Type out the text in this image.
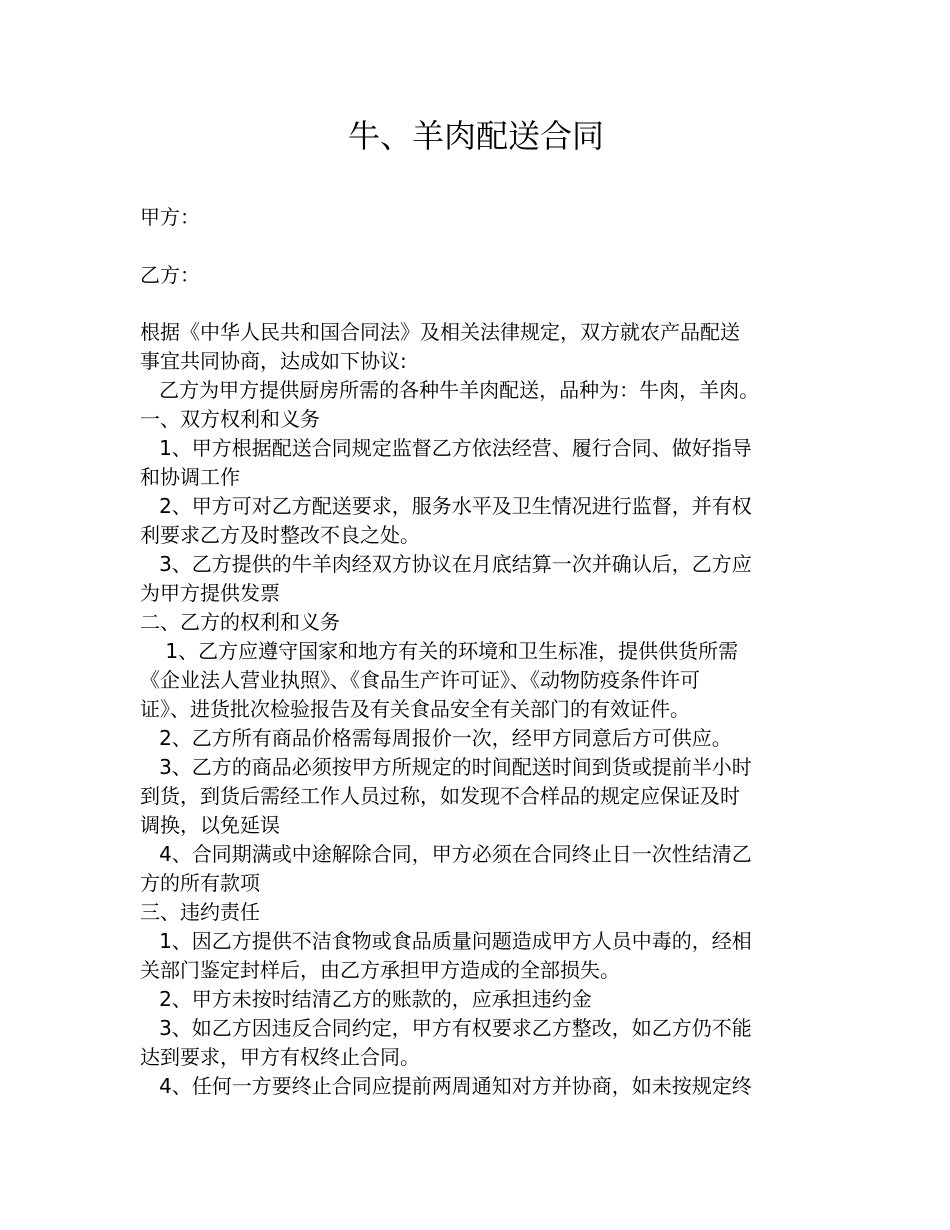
牛、羊肉配送合同
甲方：
乙方：
根据《中华人民共和国合同法》及相关法律规定，双方就农产品配送
事宜共同协商，达成如下协议:
乙方为甲方提供厨房所需的各种牛羊肉配送，品种为：牛肉，羊肉。
一、双方权利和义务
1、甲方根据配送合同规定监督乙方依法经营、履行合同、做好指导
和协调工作
2、甲方可对乙方配送要求，服务水平及卫生情况进行监督，并有权
利要求乙方及时整改不良之处。
3、乙方提供的牛羊肉经双方协议在月底结算一次并确认后，乙方应
为甲方提供发票
二、乙方的权利和义务
1、乙方应遵守国家和地方有关的环境和卫生标准，提供供货所需
《企业法人营业执照》、《食品生产许可证》、《动物防疫条件许可
证》、进货批次检验报告及有关食品安全有关部门的有效证件。
2、乙方所有商品价格需每周报价一次，经甲方同意后方可供应。
3、乙方的商品必须按甲方所规定的时间配送时间到货或提前半小时
到货，到货后需经工作人员过称，如发现不合样品的规定应保证及时
调换，以免延误
4、合同期满或中途解除合同，甲方必须在合同终止日一次性结清乙
方的所有款项
三、违约责任
1、因乙方提供不洁食物或食品质量问题造成甲方人员中毒的，经相
关部门鉴定封样后，由乙方承担甲方造成的全部损失。
2、甲方未按时结清乙方的账款的，应承担违约金
3、如乙方因违反合同约定，甲方有权要求乙方整改，如乙方仍不能
达到要求，甲方有权终止合同。
4、任何一方要终止合同应提前两周通知对方并协商，如未按规定终
